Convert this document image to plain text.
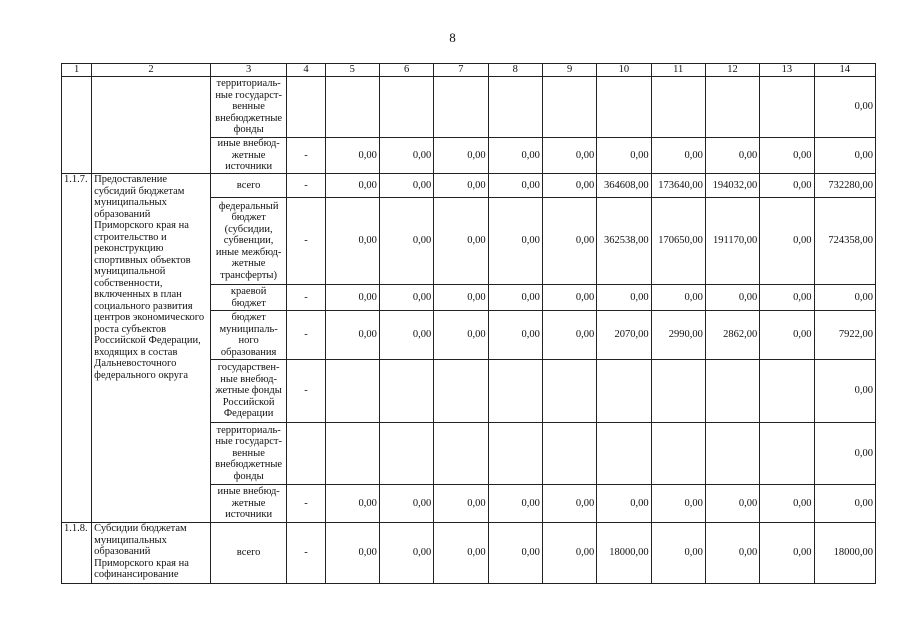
8
1	2	3	4	5	6	7	8	9	10	11	12	13	14
		территориаль-ные государст-венные внебюджетные фонды											0,00
		иные внебюд-жетные источники	-	0,00	0,00	0,00	0,00	0,00	0,00	0,00	0,00	0,00	0,00
1.1.7.	Предоставление субсидий бюджетам муниципальных образований Приморского края на строительство и реконструкцию спортивных объектов муниципальной собственности, включенных в план социального развития центров экономического роста субъектов Российской Федерации, входящих в состав Дальневосточного федерального округа	всего	-	0,00	0,00	0,00	0,00	0,00	364608,00	173640,00	194032,00	0,00	732280,00
		федеральный бюджет (субсидии, субвенции, иные межбюд-жетные трансферты)	-	0,00	0,00	0,00	0,00	0,00	362538,00	170650,00	191170,00	0,00	724358,00
		краевой бюджет	-	0,00	0,00	0,00	0,00	0,00	0,00	0,00	0,00	0,00	0,00
		бюджет муниципаль-ного образования	-	0,00	0,00	0,00	0,00	0,00	2070,00	2990,00	2862,00	0,00	7922,00
		государствен-ные внебюд-жетные фонды Российской Федерации	-										0,00
		территориаль-ные государст-венные внебюджетные фонды											0,00
		иные внебюд-жетные источники	-	0,00	0,00	0,00	0,00	0,00	0,00	0,00	0,00	0,00	0,00
1.1.8.	Субсидии бюджетам муниципальных образований Приморского края на софинансирование	всего	-	0,00	0,00	0,00	0,00	0,00	18000,00	0,00	0,00	0,00	18000,00
